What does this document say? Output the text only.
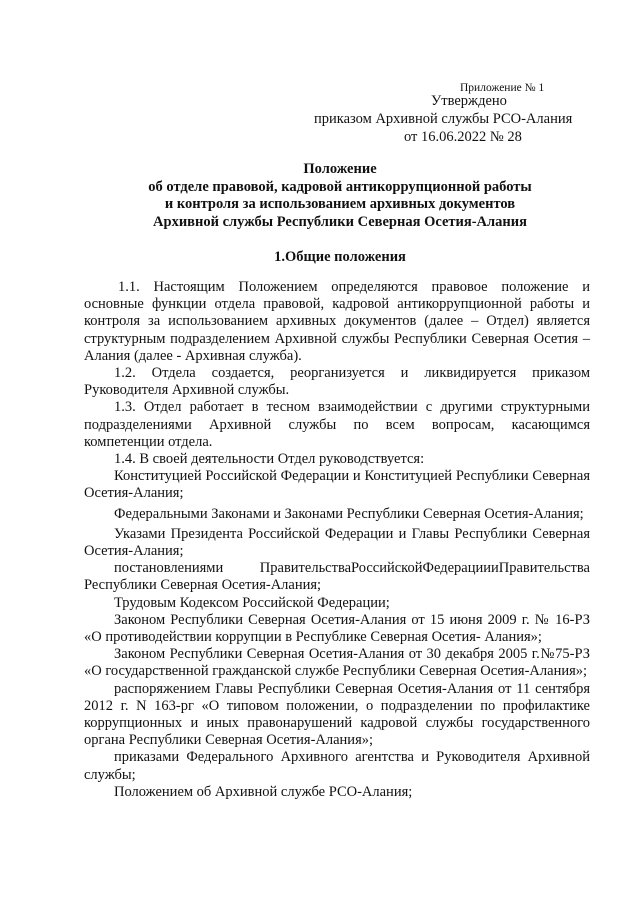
Приложение № 1
Утверждено
приказом Архивной службы РСО-Алания
от 16.06.2022 № 28
Положение
об отделе правовой, кадровой антикоррупционной работы
и контроля за использованием архивных документов
Архивной службы Республики Северная Осетия-Алания
1.Общие положения

1.1. Настоящим Положением определяются правовое положение и основные функции отдела правовой, кадровой антикоррупционной работы и контроля за использованием архивных документов (далее – Отдел) является структурным подразделением Архивной службы Республики Северная Осетия – Алания (далее - Архивная служба).

1.2. Отдела создается, реорганизуется и ликвидируется приказом Руководителя Архивной службы.

1.3. Отдел работает в тесном взаимодействии с другими структурными подразделениями Архивной службы по всем вопросам, касающимся компетенции отдела.

1.4. В своей деятельности Отдел руководствуется:

Конституцией Российской Федерации и Конституцией Республики Северная Осетия-Алания;

Федеральными Законами и Законами Республики Северная Осетия-Алания;

Указами Президента Российской Федерации и Главы Республики Северная Осетия-Алания;

постановлениями ПравительстваРоссийскойФедерациииПравительства Республики Северная Осетия-Алания;

Трудовым Кодексом Российской Федерации;

Законом Республики Северная Осетия-Алания от 15 июня 2009 г. № 16-РЗ «О противодействии коррупции в Республике Северная Осетия- Алания»;

Законом Республики Северная Осетия-Алания от 30 декабря 2005 г.№75-РЗ «О государственной гражданской службе Республики Северная Осетия-Алания»;

распоряжением Главы Республики Северная Осетия-Алания от 11 сентября 2012 г. N 163-рг «О типовом положении, о подразделении по профилактике коррупционных и иных правонарушений кадровой службы государственного органа Республики Северная Осетия-Алания»;

приказами Федерального Архивного агентства и Руководителя Архивной службы;

Положением об Архивной службе РСО-Алания;
